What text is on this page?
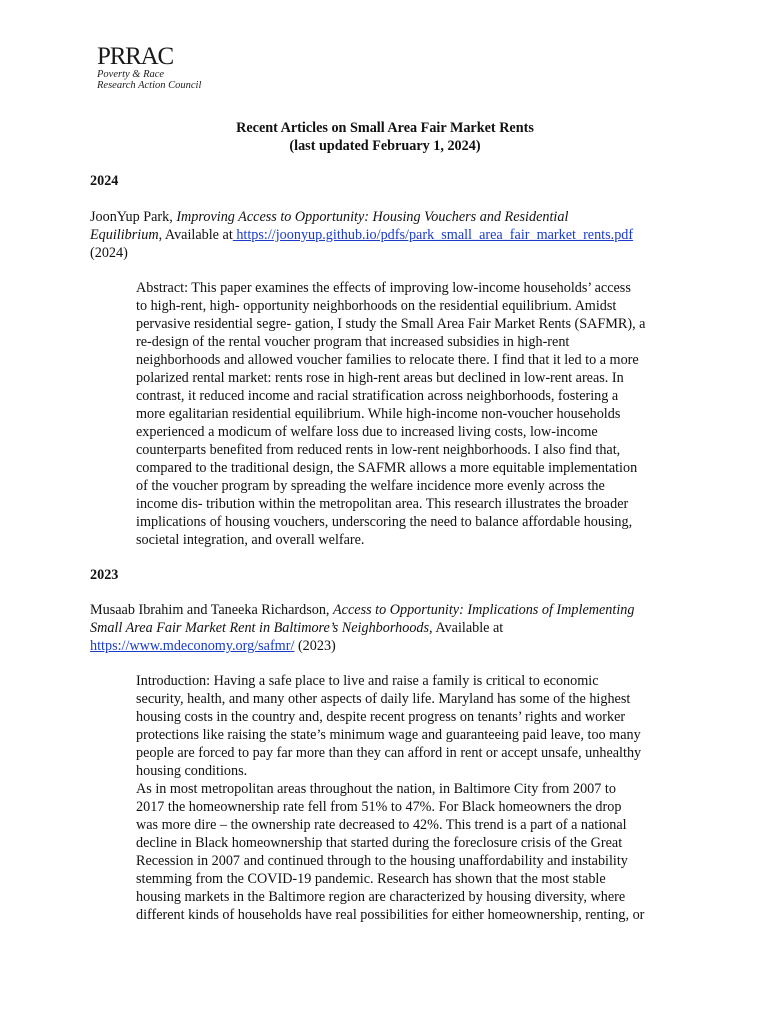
PRRAC
Poverty & Race
Research Action Council
Recent Articles on Small Area Fair Market Rents
(last updated February 1, 2024)
2024
JoonYup Park, Improving Access to Opportunity: Housing Vouchers and Residential
Equilibrium, Available at https://joonyup.github.io/pdfs/park_small_area_fair_market_rents.pdf
(2024)
Abstract: This paper examines the effects of improving low-income households’ access
to high-rent, high- opportunity neighborhoods on the residential equilibrium. Amidst
pervasive residential segre- gation, I study the Small Area Fair Market Rents (SAFMR), a
re-design of the rental voucher program that increased subsidies in high-rent
neighborhoods and allowed voucher families to relocate there. I find that it led to a more
polarized rental market: rents rose in high-rent areas but declined in low-rent areas. In
contrast, it reduced income and racial stratification across neighborhoods, fostering a
more egalitarian residential equilibrium. While high-income non-voucher households
experienced a modicum of welfare loss due to increased living costs, low-income
counterparts benefited from reduced rents in low-rent neighborhoods. I also find that,
compared to the traditional design, the SAFMR allows a more equitable implementation
of the voucher program by spreading the welfare incidence more evenly across the
income dis- tribution within the metropolitan area. This research illustrates the broader
implications of housing vouchers, underscoring the need to balance affordable housing,
societal integration, and overall welfare.
2023
Musaab Ibrahim and Taneeka Richardson, Access to Opportunity: Implications of Implementing
Small Area Fair Market Rent in Baltimore’s Neighborhoods, Available at
https://www.mdeconomy.org/safmr/ (2023)
Introduction: Having a safe place to live and raise a family is critical to economic
security, health, and many other aspects of daily life. Maryland has some of the highest
housing costs in the country and, despite recent progress on tenants’ rights and worker
protections like raising the state’s minimum wage and guaranteeing paid leave, too many
people are forced to pay far more than they can afford in rent or accept unsafe, unhealthy
housing conditions.
As in most metropolitan areas throughout the nation, in Baltimore City from 2007 to
2017 the homeownership rate fell from 51% to 47%. For Black homeowners the drop
was more dire – the ownership rate decreased to 42%. This trend is a part of a national
decline in Black homeownership that started during the foreclosure crisis of the Great
Recession in 2007 and continued through to the housing unaffordability and instability
stemming from the COVID-19 pandemic. Research has shown that the most stable
housing markets in the Baltimore region are characterized by housing diversity, where
different kinds of households have real possibilities for either homeownership, renting, or
